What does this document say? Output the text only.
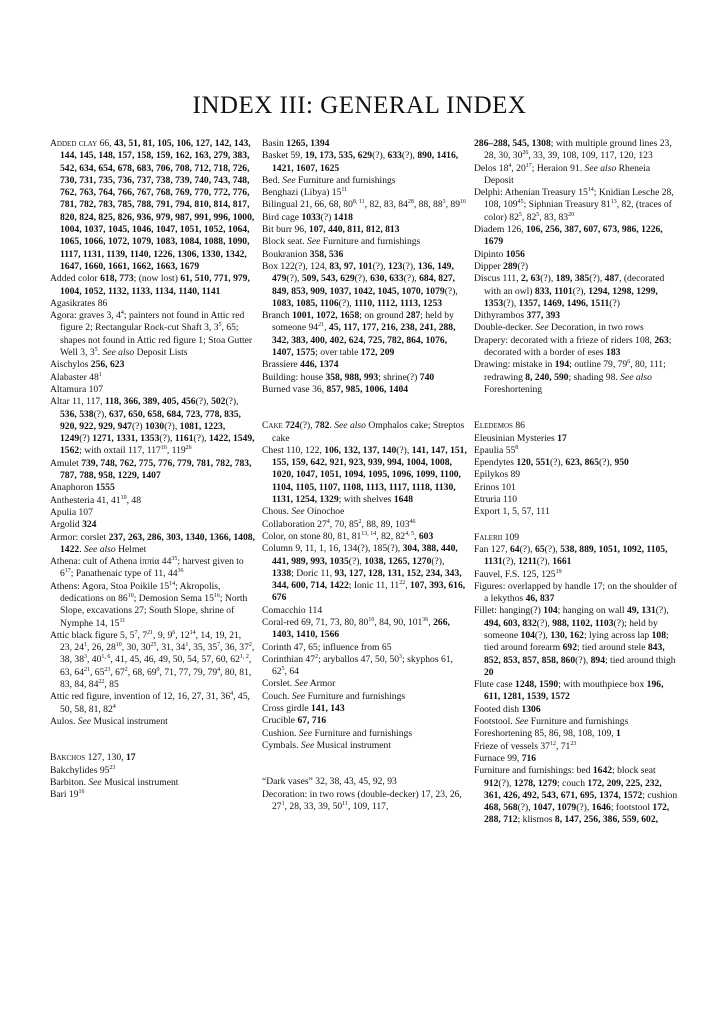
INDEX III: GENERAL INDEX
Added clay 66, 43, 51, 81, 105, 106, 127, 142, 143, 144, 145, 148, 157, 158, 159, 162, 163, 279, 383, 542, 634, 654, 678, 683, 706, 708, 712, 718, 726, 730, 731, 735, 736, 737, 738, 739, 740, 743, 748, 762, 763, 764, 766, 767, 768, 769, 770, 772, 776, 781, 782, 783, 785, 788, 791, 794, 810, 814, 817, 820, 824, 825, 826, 936, 979, 987, 991, 996, 1000, 1004, 1037, 1045, 1046, 1047, 1051, 1052, 1064, 1065, 1066, 1072, 1079, 1083, 1084, 1088, 1090, 1117, 1131, 1139, 1140, 1226, 1306, 1330, 1342, 1647, 1660, 1661, 1662, 1663, 1679
Added color 618, 773; (now lost) 61, 510, 771, 979, 1004, 1052, 1132, 1133, 1134, 1140, 1141
Agasikrates 86
Agora: graves 3, $4^4$; painters not found in Attic red figure 2; Rectangular Rock-cut Shaft 3, $3^5$, 65; shapes not found in Attic red figure 1; Stoa Gutter Well 3, $3^5$. See also Deposit Lists
Aischylos 256, 623
Alabaster $48^1$
Altamura 107
Altar 11, 117, 118, 366, 389, 405, 456(?), 502(?), 536, 538(?), 637, 650, 658, 684, 723, 778, 835, 920, 922, 929, 947(?) 1030(?), 1081, 1223, 1249(?) 1271, 1331, 1353(?), 1161(?), 1422, 1549, 1562; with oxtail 117, $117^{16}$, $119^{26}$
Amulet 739, 748, 762, 775, 776, 779, 781, 782, 783, 787, 788, 958, 1229, 1407
Anaphoron 1555
Anthesteria 41, $41^{10}$, 48
Apulia 107
Argolid 324
Armor: corslet 237, 263, 286, 303, 1340, 1366, 1408, 1422. See also Helmet
Athena: cult of Athena ἱππία $44^{35}$; harvest given to $6^{17}$; Panathenaic type of 11, $44^{36}$
Athens: Agora, Stoa Poikile $15^{14}$; Akropolis, dedications on $86^{10}$; Demosion Sema $15^{16}$; North Slope, excavations 27; South Slope, shrine of Nymphe 14, $15^{11}$
Attic black figure 5, $5^7$, $7^{21}$, 9, $9^6$, $12^{14}$, 14, 19, 21, 23, $24^1$, 26, $28^{10}$, 30, $30^{25}$, 31, $34^1$, 35, $35^7$, 36, $37^2$, 38, $38^3$, 40$^{1, 6}$, 41, 45, 46, 49, 50, 54, 57, 60, 62$^{1, 2}$, 63, $64^{21}$, $65^{23}$, $67^2$, 68, $69^9$, 71, 77, 79, $79^4$, 80, 81, 83, 84, $84^{22}$, 85
Attic red figure, invention of 12, 16, 27, 31, $36^4$, 45, 50, 58, 81, $82^4$
Aulos. See Musical instrument
Bakchos 127, 130, 17
Bakchylides $95^{23}$
Barbiton. See Musical instrument
Bari $19^{16}$
Basin 1265, 1394
Basket 59, 19, 173, 535, 629(?), 633(?), 890, 1416, 1421, 1607, 1625
Bed. See Furniture and furnishings
Benghazi (Libya) $15^{11}$
Bilingual 21, 66, 68, 80$^{8, 11}$, 82, 83, $84^{28}$, 88, $88^3$, $89^{16}$
Bird cage 1033(?) 1418
Bit burr 96, 107, 440, 811, 812, 813
Block seat. See Furniture and furnishings
Boukranion 358, 536
Box 122(?), 124, 83, 97, 101(?), 123(?), 136, 149, 479(?), 509, 543, 629(?), 630, 633(?), 684, 827, 849, 853, 909, 1037, 1042, 1045, 1070, 1079(?), 1083, 1085, 1106(?), 1110, 1112, 1113, 1253
Branch 1001, 1072, 1658; on ground 287; held by someone $94^{21}$, 45, 117, 177, 216, 238, 241, 288, 342, 383, 400, 402, 624, 725, 782, 864, 1076, 1407, 1575; over table 172, 209
Brassiere 446, 1374
Building: house 358, 988, 993; shrine(?) 740
Burned vase 36, 857, 985, 1006, 1404
Cake 724(?), 782. See also Omphalos cake; Streptos cake
Chest 110, 122, 106, 132, 137, 140(?), 141, 147, 151, 155, 159, 642, 921, 923, 939, 994, 1004, 1008, 1020, 1047, 1051, 1094, 1095, 1096, 1099, 1100, 1104, 1105, 1107, 1108, 1113, 1117, 1118, 1130, 1131, 1254, 1329; with shelves 1648
Chous. See Oinochoe
Collaboration $27^4$, 70, $85^2$, 88, 89, $103^{46}$
Color, on stone 80, 81, 81$^{13, 14}$, 82, 82$^{4, 5}$, 603
Column 9, 11, 1, 16, 134(?), 185(?), 304, 388, 440, 441, 989, 993, 1035(?), 1038, 1265, 1270(?), 1338; Doric 11, 93, 127, 128, 131, 152, 234, 343, 344, 600, 714, 1422; Ionic 11, $11^{22}$, 107, 393, 616, 676
Comacchio 114
Coral-red 69, 71, 73, 80, $80^{10}$, 84, 90, $101^{36}$, 266, 1403, 1410, 1566
Corinth 47, 65; influence from 65
Corinthian $47^2$; aryballos 47, 50, $50^3$; skyphos 61, $62^5$, 64
Corslet. See Armor
Couch. See Furniture and furnishings
Cross girdle 141, 143
Crucible 67, 716
Cushion. See Furniture and furnishings
Cymbals. See Musical instrument
“Dark vases” 32, 38, 43, 45, 92, 93
Decoration: in two rows (double-decker) 17, 23, 26, $27^1$, 28, 33, 39, $50^{11}$, 109, 117,
286–288, 545, 1308; with multiple ground lines 23, 28, 30, $30^{26}$, 33, 39, 108, 109, 117, 120, 123
Delos $18^4$, $20^{17}$; Heraion 91. See also Rheneia Deposit
Delphi: Athenian Treasury $15^{14}$; Knidian Lesche 28, 108, $109^{45}$; Siphnian Treasury $81^{13}$, 82, (traces of color) $82^5$, $82^5$, 83, $83^{20}$
Diadem 126, 106, 256, 387, 607, 673, 986, 1226, 1679
Dipinto 1056
Dipper 289(?)
Discus 111, 2, 63(?), 189, 385(?), 487, (decorated with an owl) 833, 1101(?), 1294, 1298, 1299, 1353(?), 1357, 1469, 1496, 1511(?)
Dithyrambos 377, 393
Double-decker. See Decoration, in two rows
Drapery: decorated with a frieze of riders 108, 263; decorated with a border of eses 183
Drawing: mistake in 194; outline 79, $79^6$, 80, 111; redrawing 8, 240, 590; shading 98. See also Foreshortening
Eledemos 86
Eleusinian Mysteries 17
Epaulia $55^8$
Ependytes 120, 551(?), 623, 865(?), 950
Epilykos 89
Erinos 101
Etruria 110
Export 1, 5, 57, 111
Falerii 109
Fan 127, 64(?), 65(?), 538, 889, 1051, 1092, 1105, 1131(?), 1211(?), 1661
Fauvel, F.S. 125, $125^{19}$
Figures: overlapped by handle 17; on the shoulder of a lekythos 46, 837
Fillet: hanging(?) 104; hanging on wall 49, 131(?), 494, 603, 832(?), 988, 1102, 1103(?); held by someone 104(?), 130, 162; lying across lap 108; tied around forearm 692; tied around stele 843, 852, 853, 857, 858, 860(?), 894; tied around thigh 20
Flute case 1248, 1590; with mouthpiece box 196, 611, 1281, 1539, 1572
Footed dish 1306
Footstool. See Furniture and furnishings
Foreshortening 85, 86, 98, 108, 109, 1
Frieze of vessels $37^{12}$, $71^{23}$
Furnace 99, 716
Furniture and furnishings: bed 1642; block seat 912(?), 1278, 1279; couch 172, 209, 225, 232, 361, 426, 492, 543, 671, 695, 1374, 1572; cushion 468, 568(?), 1047, 1079(?), 1646; footstool 172, 288, 712; klismos 8, 147, 256, 386, 559, 602,
